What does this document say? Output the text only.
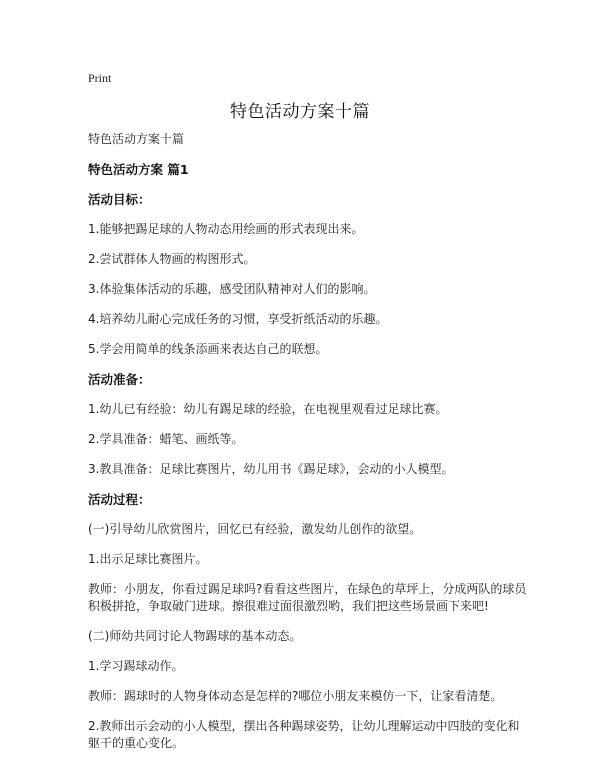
Print
特色活动方案十篇
特色活动方案十篇
特色活动方案 篇1
活动目标：
1.能够把踢足球的人物动态用绘画的形式表现出来。
2.尝试群体人物画的构图形式。
3.体验集体活动的乐趣，感受团队精神对人们的影响。
4.培养幼儿耐心完成任务的习惯，享受折纸活动的乐趣。
5.学会用简单的线条添画来表达自己的联想。
活动准备：
1.幼儿已有经验：幼儿有踢足球的经验，在电视里观看过足球比赛。
2.学具准备：蜡笔、画纸等。
3.教具准备：足球比赛图片，幼儿用书《踢足球》，会动的小人模型。
活动过程：
(一)引导幼儿欣赏图片，回忆已有经验，激发幼儿创作的欲望。
1.出示足球比赛图片。
教师：小朋友，你看过踢足球吗?看看这些图片，在绿色的草坪上，分成两队的球员积极拼抢，争取破门进球。擦很难过面很激烈哟，我们把这些场景画下来吧!
(二)师幼共同讨论人物踢球的基本动态。
1.学习踢球动作。
教师：踢球时的人物身体动态是怎样的?哪位小朋友来模仿一下，让家看清楚。
2.教师出示会动的小人模型，摆出各种踢球姿势，让幼儿理解运动中四肢的变化和躯干的重心变化。
